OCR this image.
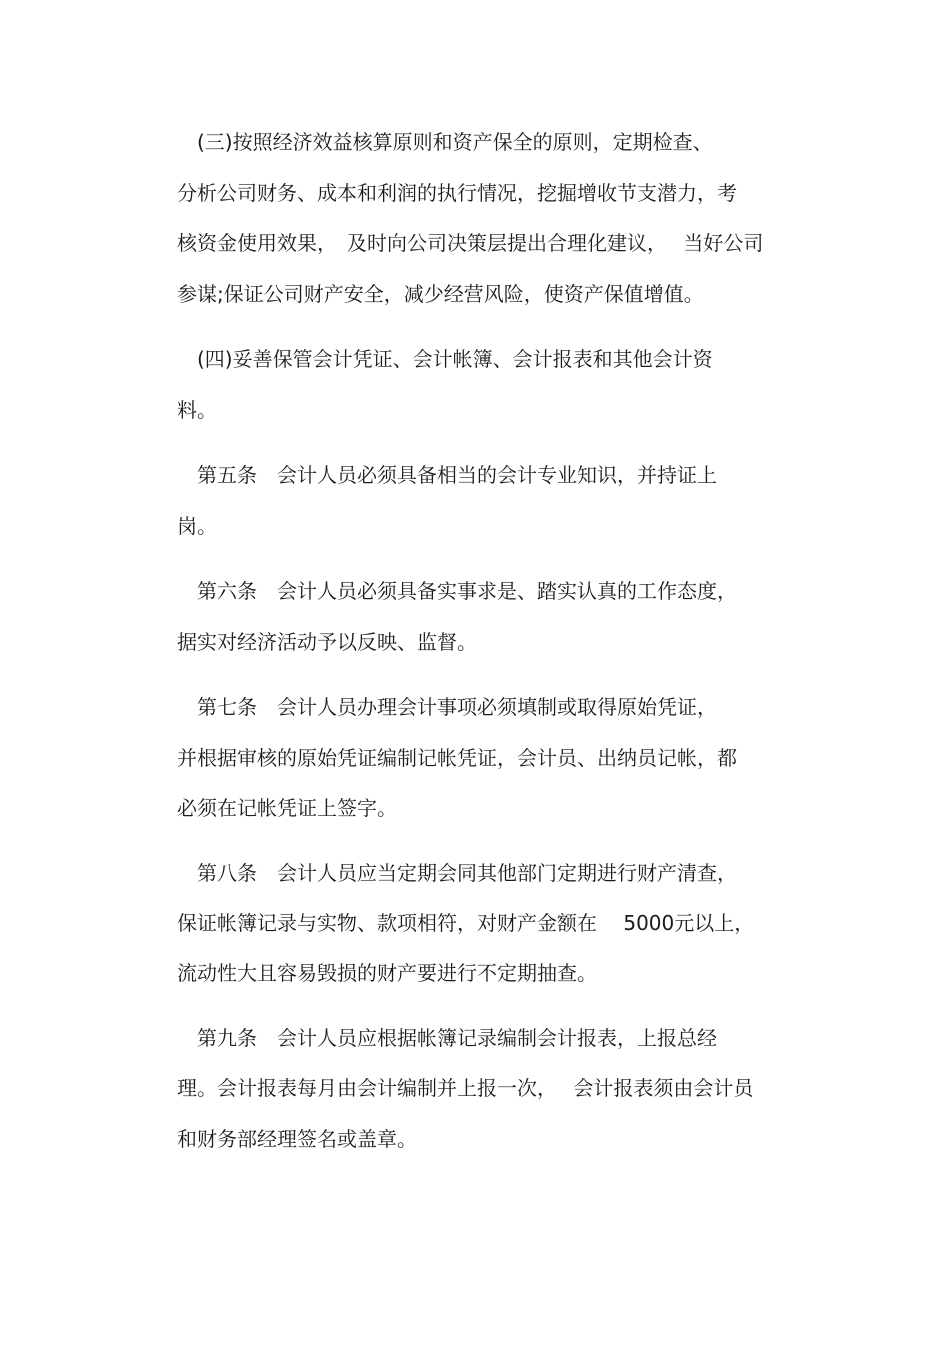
　(三)按照经济效益核算原则和资产保全的原则，定期检查、

分析公司财务、成本和利润的执行情况，挖掘增收节支潜力，考

核资金使用效果，　及时向公司决策层提出合理化建议，　 当好公司

参谋;保证公司财产安全，减少经营风险，使资产保值增值。

　(四)妥善保管会计凭证、会计帐簿、会计报表和其他会计资

料。

　第五条　会计人员必须具备相当的会计专业知识，并持证上

岗。

　第六条　会计人员必须具备实事求是、踏实认真的工作态度，

据实对经济活动予以反映、监督。

　第七条　会计人员办理会计事项必须填制或取得原始凭证，

并根据审核的原始凭证编制记帐凭证，会计员、出纳员记帐，都

必须在记帐凭证上签字。

　第八条　会计人员应当定期会同其他部门定期进行财产清查，

保证帐簿记录与实物、款项相符，对财产金额在　 5000元以上，

流动性大且容易毁损的财产要进行不定期抽查。

　第九条　会计人员应根据帐簿记录编制会计报表，上报总经

理。会计报表每月由会计编制并上报一次，　 会计报表须由会计员

和财务部经理签名或盖章。
